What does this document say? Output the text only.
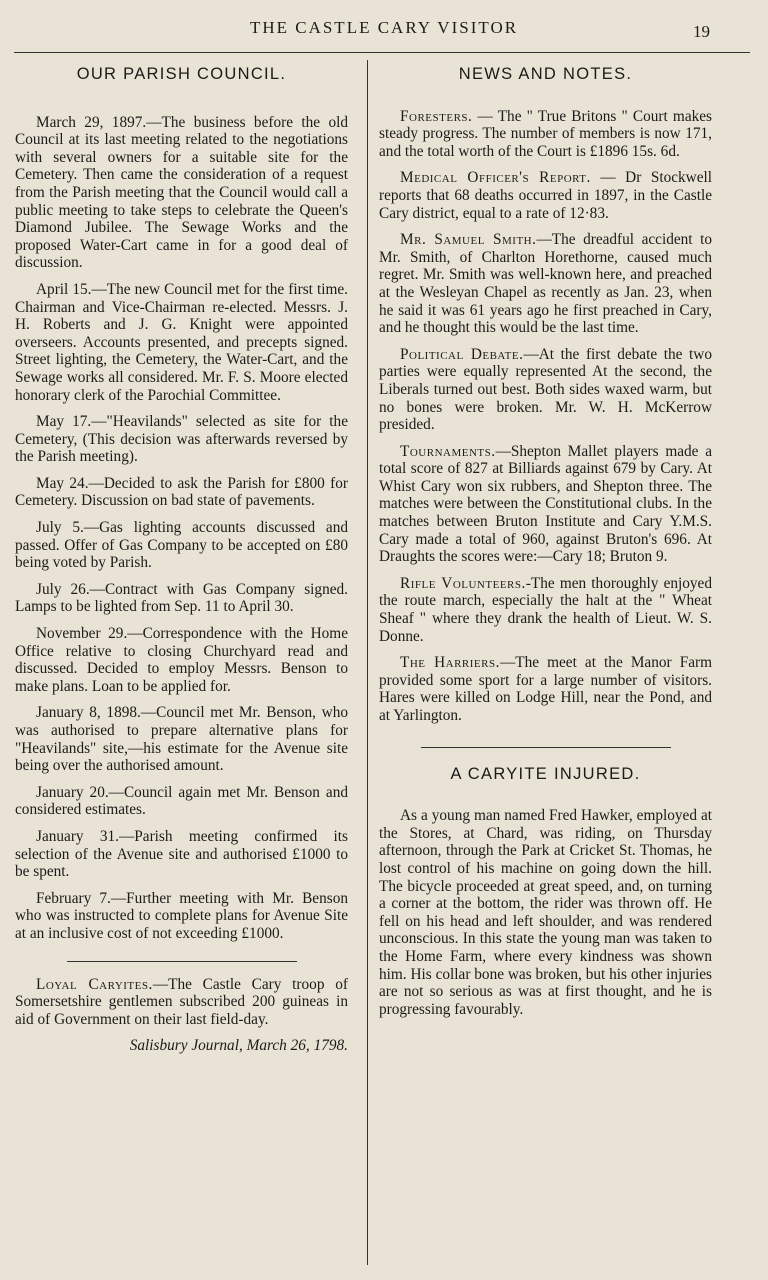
THE CASTLE CARY VISITOR	19
OUR PARISH COUNCIL.

March 29, 1897.—The business before the old Council at its last meeting related to the negotiations with several owners for a suitable site for the Cemetery. Then came the consideration of a request from the Parish meeting that the Council would call a public meeting to take steps to celebrate the Queen's Diamond Jubilee. The Sewage Works and the proposed Water-Cart came in for a good deal of discussion.

April 15.—The new Council met for the first time. Chairman and Vice-Chairman re-elected. Messrs. J. H. Roberts and J. G. Knight were appointed overseers. Accounts presented, and precepts signed. Street lighting, the Cemetery, the Water-Cart, and the Sewage works all considered. Mr. F. S. Moore elected honorary clerk of the Parochial Committee.

May 17.—"Heavilands" selected as site for the Cemetery, (This decision was afterwards reversed by the Parish meeting).

May 24.—Decided to ask the Parish for £800 for Cemetery. Discussion on bad state of pavements.

July 5.—Gas lighting accounts discussed and passed. Offer of Gas Company to be accepted on £80 being voted by Parish.

July 26.—Contract with Gas Company signed. Lamps to be lighted from Sep. 11 to April 30.

November 29.—Correspondence with the Home Office relative to closing Churchyard read and discussed. Decided to employ Messrs. Benson to make plans. Loan to be applied for.

January 8, 1898.—Council met Mr. Benson, who was authorised to prepare alternative plans for "Heavilands" site,—his estimate for the Avenue site being over the authorised amount.

January 20.—Council again met Mr. Benson and considered estimates.

January 31.—Parish meeting confirmed its selection of the Avenue site and authorised £1000 to be spent.

February 7.—Further meeting with Mr. Benson who was instructed to complete plans for Avenue Site at an inclusive cost of not exceeding £1000.

Loyal Caryites.—The Castle Cary troop of Somersetshire gentlemen subscribed 200 guineas in aid of Government on their last field-day.

Salisbury Journal, March 26, 1798.
NEWS AND NOTES.

Foresters. — The " True Britons " Court makes steady progress. The number of members is now 171, and the total worth of the Court is £1896 15s. 6d.

Medical Officer's Report. — Dr Stockwell reports that 68 deaths occurred in 1897, in the Castle Cary district, equal to a rate of 12·83.

Mr. Samuel Smith.—The dreadful accident to Mr. Smith, of Charlton Horethorne, caused much regret. Mr. Smith was well-known here, and preached at the Wesleyan Chapel as recently as Jan. 23, when he said it was 61 years ago he first preached in Cary, and he thought this would be the last time.

Political Debate.—At the first debate the two parties were equally represented At the second, the Liberals turned out best. Both sides waxed warm, but no bones were broken. Mr. W. H. McKerrow presided.

Tournaments.—Shepton Mallet players made a total score of 827 at Billiards against 679 by Cary. At Whist Cary won six rubbers, and Shepton three. The matches were between the Constitutional clubs. In the matches between Bruton Institute and Cary Y.M.S. Cary made a total of 960, against Bruton's 696. At Draughts the scores were:—Cary 18; Bruton 9.

Rifle Volunteers.-The men thoroughly enjoyed the route march, especially the halt at the " Wheat Sheaf " where they drank the health of Lieut. W. S. Donne.

The Harriers.—The meet at the Manor Farm provided some sport for a large number of visitors. Hares were killed on Lodge Hill, near the Pond, and at Yarlington.

A CARYITE INJURED.

As a young man named Fred Hawker, employed at the Stores, at Chard, was riding, on Thursday afternoon, through the Park at Cricket St. Thomas, he lost control of his machine on going down the hill. The bicycle proceeded at great speed, and, on turning a corner at the bottom, the rider was thrown off. He fell on his head and left shoulder, and was rendered unconscious. In this state the young man was taken to the Home Farm, where every kindness was shown him. His collar bone was broken, but his other injuries are not so serious as was at first thought, and he is progressing favourably.
